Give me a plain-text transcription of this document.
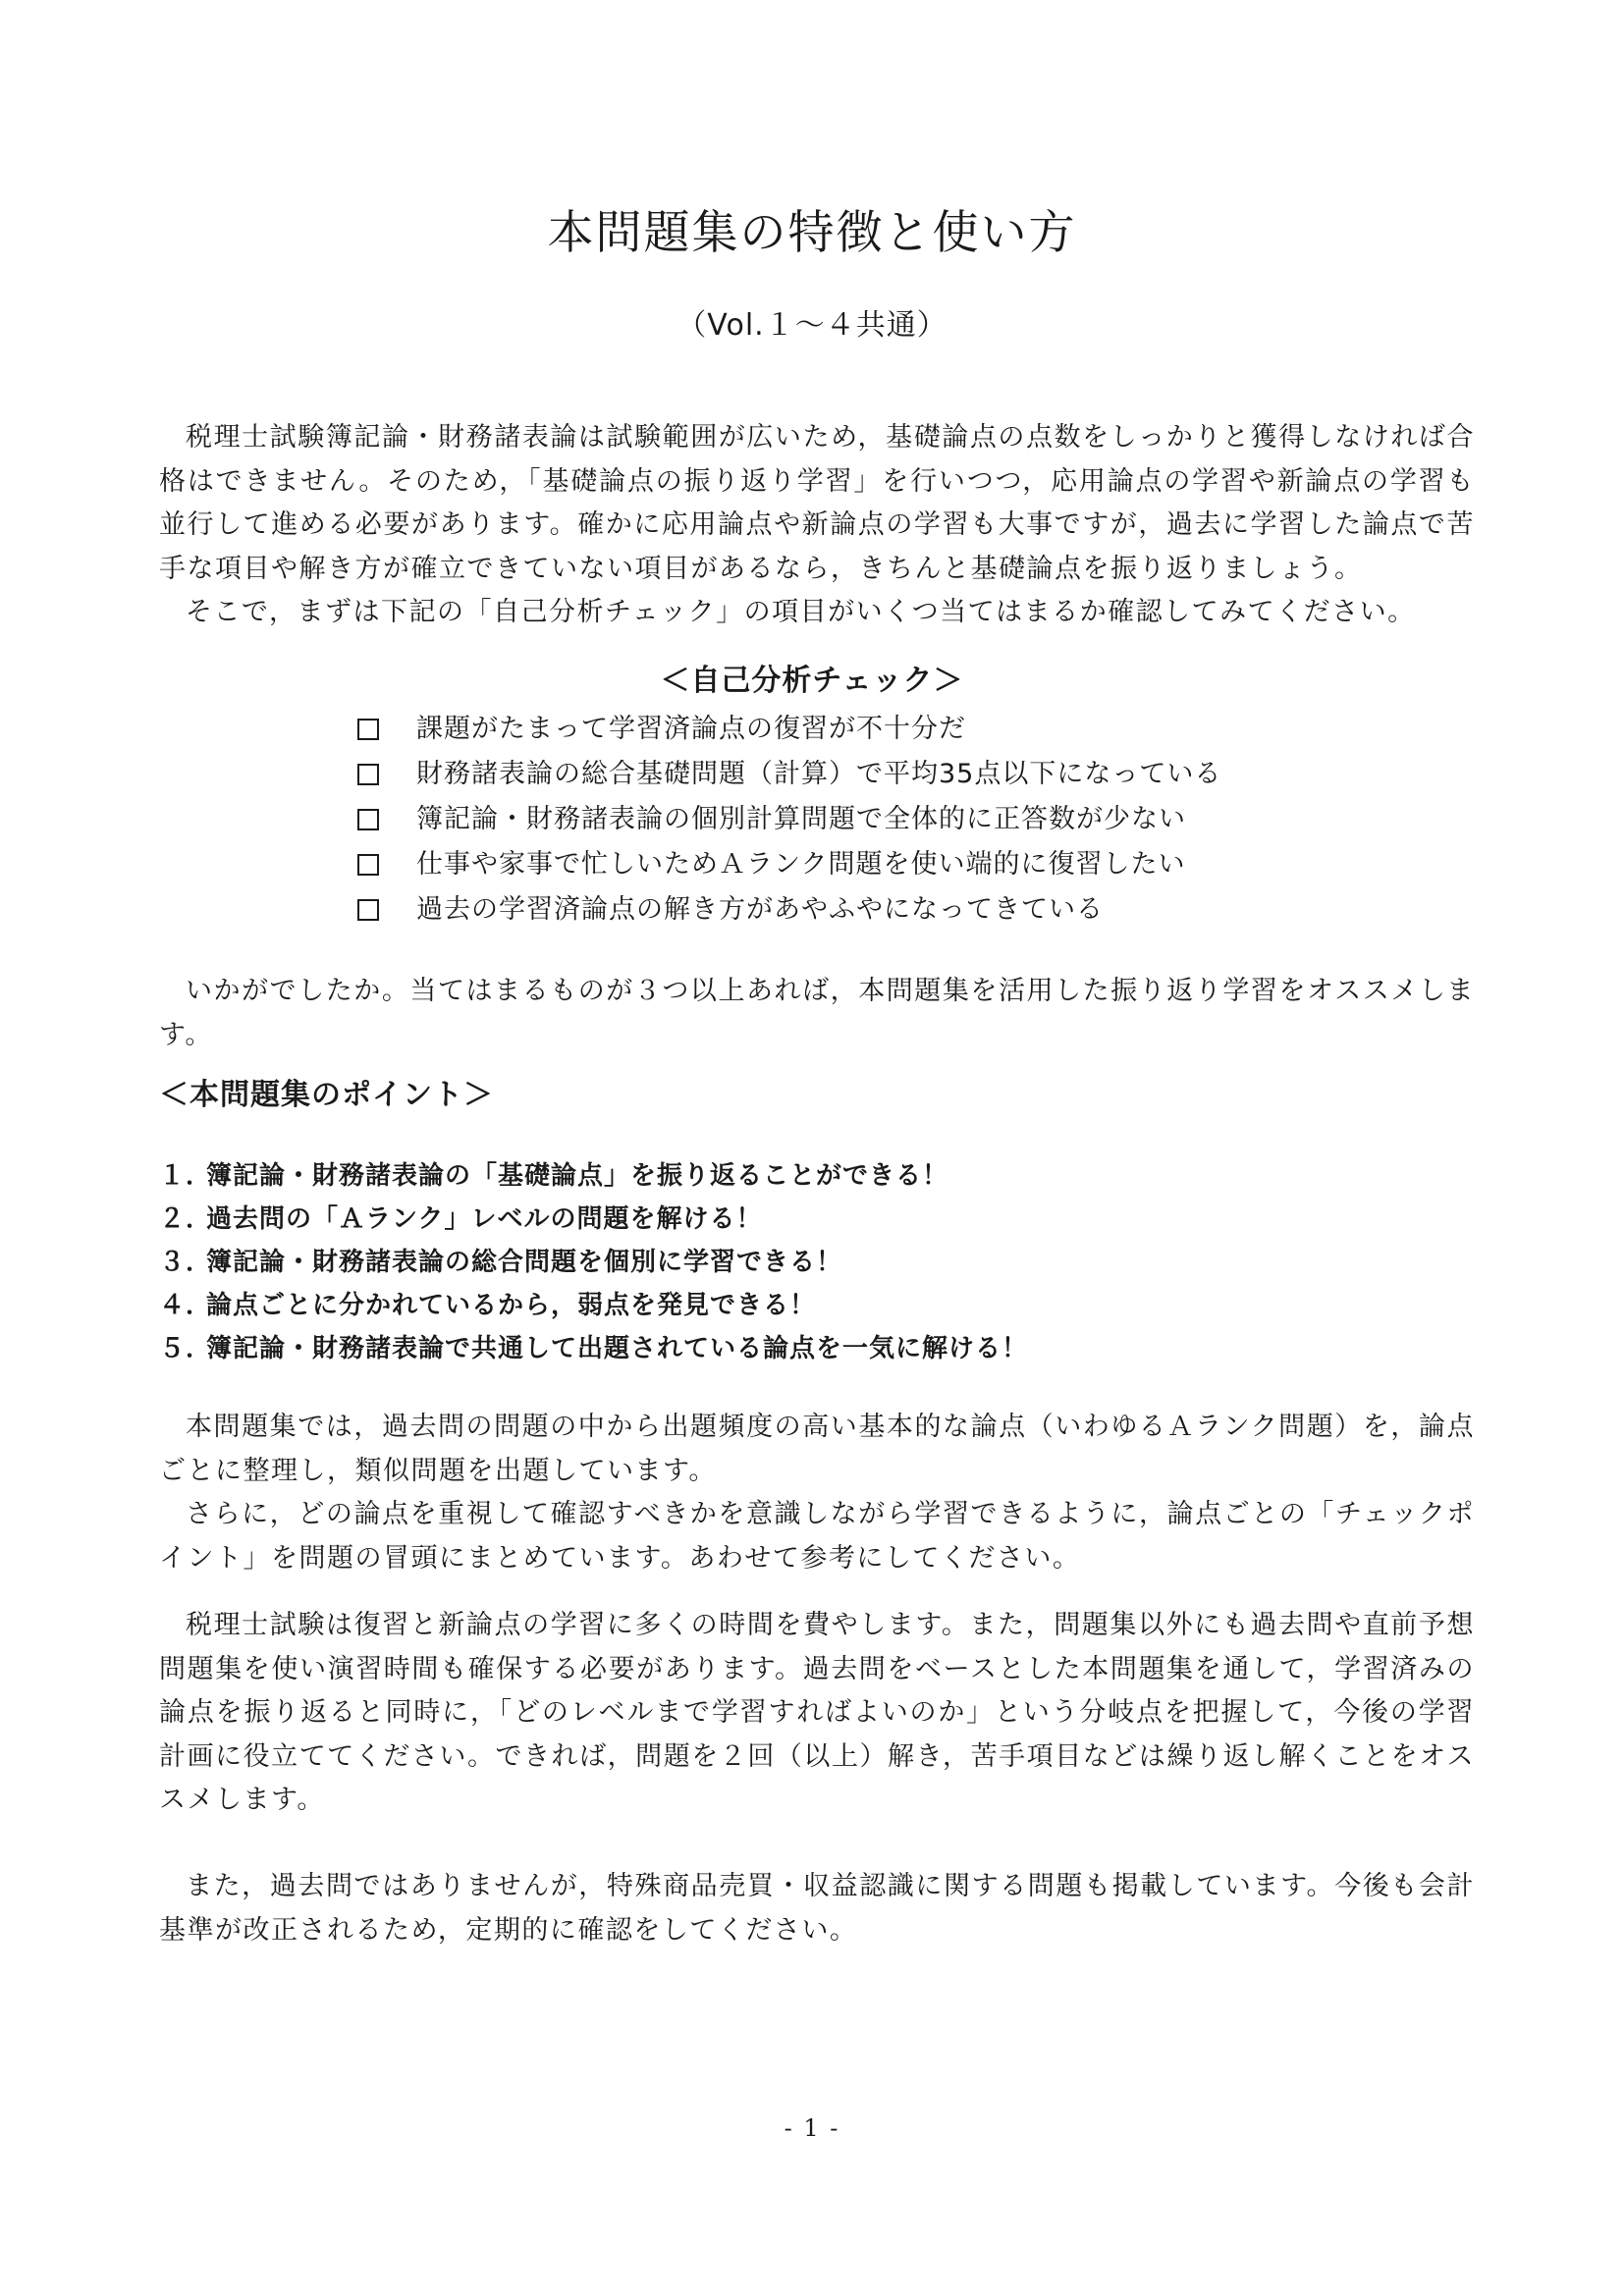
本問題集の特徴と使い方
（Vol.１～４共通）

税理士試験簿記論・財務諸表論は試験範囲が広いため，基礎論点の点数をしっかりと獲得しなければ合格はできません。そのため，「基礎論点の振り返り学習」を行いつつ，応用論点の学習や新論点の学習も並行して進める必要があります。確かに応用論点や新論点の学習も大事ですが，過去に学習した論点で苦手な項目や解き方が確立できていない項目があるなら，きちんと基礎論点を振り返りましょう。

そこで，まずは下記の「自己分析チェック」の項目がいくつ当てはまるか確認してみてください。

＜自己分析チェック＞
課題がたまって学習済論点の復習が不十分だ
財務諸表論の総合基礎問題（計算）で平均35点以下になっている
簿記論・財務諸表論の個別計算問題で全体的に正答数が少ない
仕事や家事で忙しいためＡランク問題を使い端的に復習したい
過去の学習済論点の解き方があやふやになってきている

いかがでしたか。当てはまるものが３つ以上あれば，本問題集を活用した振り返り学習をオススメします。

＜本問題集のポイント＞
１．簿記論・財務諸表論の「基礎論点」を振り返ることができる！
２．過去問の「Ａランク」レベルの問題を解ける！
３．簿記論・財務諸表論の総合問題を個別に学習できる！
４．論点ごとに分かれているから，弱点を発見できる！
５．簿記論・財務諸表論で共通して出題されている論点を一気に解ける！

本問題集では，過去問の問題の中から出題頻度の高い基本的な論点（いわゆるＡランク問題）を，論点ごとに整理し，類似問題を出題しています。

さらに，どの論点を重視して確認すべきかを意識しながら学習できるように，論点ごとの「チェックポイント」を問題の冒頭にまとめています。あわせて参考にしてください。

税理士試験は復習と新論点の学習に多くの時間を費やします。また，問題集以外にも過去問や直前予想問題集を使い演習時間も確保する必要があります。過去問をベースとした本問題集を通して，学習済みの論点を振り返ると同時に，「どのレベルまで学習すればよいのか」という分岐点を把握して，今後の学習計画に役立ててください。できれば，問題を２回（以上）解き，苦手項目などは繰り返し解くことをオススメします。

また，過去問ではありませんが，特殊商品売買・収益認識に関する問題も掲載しています。今後も会計基準が改正されるため，定期的に確認をしてください。

- 1 -
